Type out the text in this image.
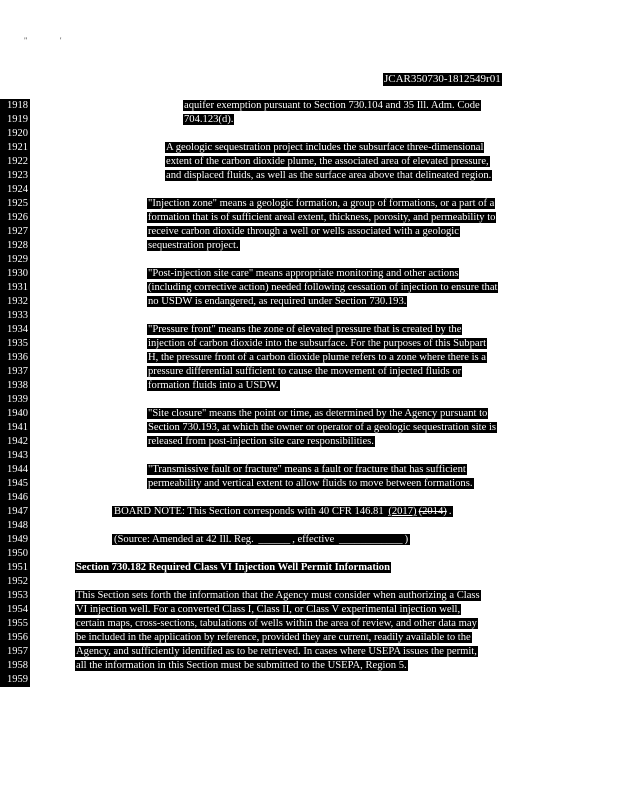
"	'
JCAR350730-1812549r01
1918
1919
1920
1921
1922
1923
1924
1925
1926
1927
1928
1929
1930
1931
1932
1933
1934
1935
1936
1937
1938
1939
1940
1941
1942
1943
1944
1945
1946
1947
1948
1949
1950
1951
1952
1953
1954
1955
1956
1957
1958
1959
aquifer exemption pursuant to Section 730.104 and 35 Ill. Adm. Code
704.123(d).
A geologic sequestration project includes the subsurface three-dimensional
extent of the carbon dioxide plume, the associated area of elevated pressure,
and displaced fluids, as well as the surface area above that delineated region.
"Injection zone" means a geologic formation, a group of formations, or a part of a
formation that is of sufficient areal extent, thickness, porosity, and permeability to
receive carbon dioxide through a well or wells associated with a geologic
sequestration project.
"Post-injection site care" means appropriate monitoring and other actions
(including corrective action) needed following cessation of injection to ensure that
no USDW is endangered, as required under Section 730.193.
"Pressure front" means the zone of elevated pressure that is created by the
injection of carbon dioxide into the subsurface. For the purposes of this Subpart
H, the pressure front of a carbon dioxide plume refers to a zone where there is a
pressure differential sufficient to cause the movement of injected fluids or
formation fluids into a USDW.
"Site closure" means the point or time, as determined by the Agency pursuant to
Section 730.193, at which the owner or operator of a geologic sequestration site is
released from post-injection site care responsibilities.
"Transmissive fault or fracture" means a fault or fracture that has sufficient
permeability and vertical extent to allow fluids to move between formations.
BOARD NOTE: This Section corresponds with 40 CFR 146.81 (2017) (2014) .
(Source: Amended at 42 Ill. Reg. ______ , effective ____________ )
Section 730.182 Required Class VI Injection Well Permit Information
This Section sets forth the information that the Agency must consider when authorizing a Class
VI injection well. For a converted Class I, Class II, or Class V experimental injection well,
certain maps, cross-sections, tabulations of wells within the area of review, and other data may
be included in the application by reference, provided they are current, readily available to the
Agency, and sufficiently identified as to be retrieved. In cases where USEPA issues the permit,
all the information in this Section must be submitted to the USEPA, Region 5.
